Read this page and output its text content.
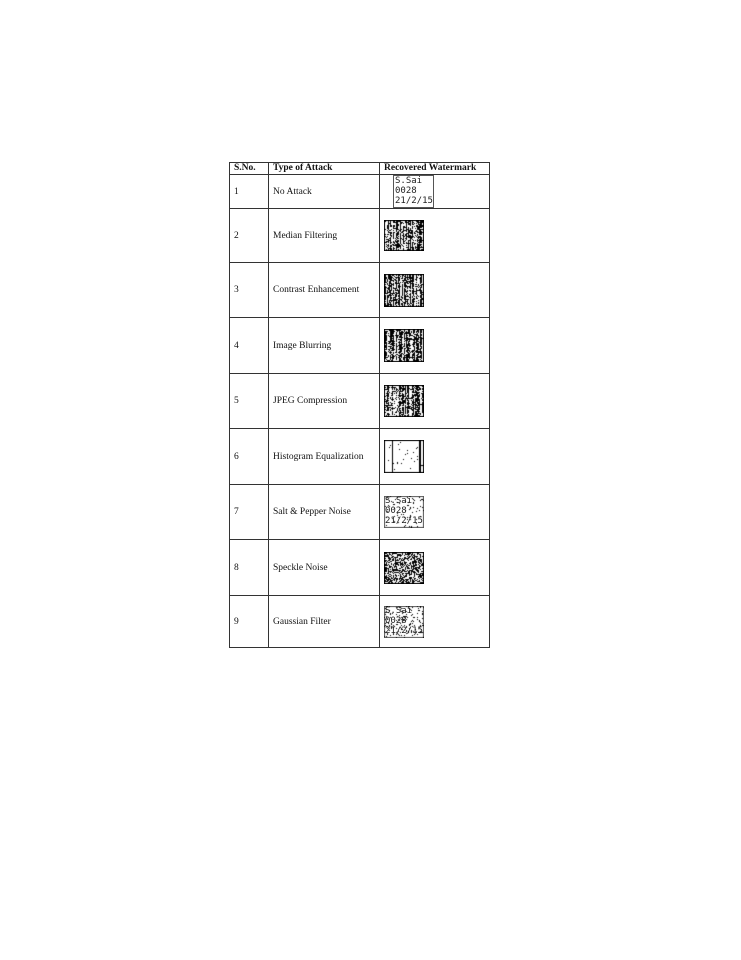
S.No.	Type of Attack	Recovered Watermark
1	No Attack	S.Sai
0028
21/2/15

2	Median Filtering	

3	Contrast Enhancement	

4	Image Blurring	

5	JPEG Compression	

6	Histogram Equalization	

7	Salt & Pepper Noise	S.Sai
0028
21/2/15

8	Speckle Noise	

9	Gaussian Filter	S.Sai
0028
21/2/15
